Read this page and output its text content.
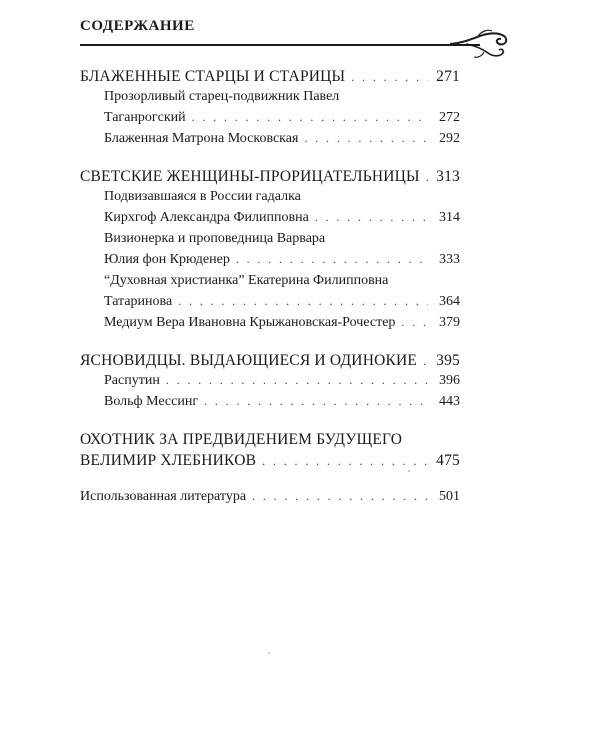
СОДЕРЖАНИЕ
БЛАЖЕННЫЕ СТАРЦЫ И СТАРИЦЫ . . .	271
Прозорливый старец-подвижник Павел
Таганрогский . . .	272
Блаженная Матрона Московская . . .	292
СВЕТСКИЕ ЖЕНЩИНЫ-ПРОРИЦАТЕЛЬНИЦЫ . . . 313
Подвизавшаяся в России гадалка
Кирхгоф Александра Филипповна . . .	314
Визионерка и проповедница Варвара
Юлия фон Крюденер . . .	333
“Духовная христианка” Екатерина Филипповна
Татаринова . . .	364
Медиум Вера Ивановна Крыжановская-Рочестер . . .	379
ЯСНОВИДЦЫ. ВЫДАЮЩИЕСЯ И ОДИНОКИЕ . . . 395
Распутин . . .	396
Вольф Мессинг . . .	443
ОХОТНИК ЗА ПРЕДВИДЕНИЕМ БУДУЩЕГО
ВЕЛИМИР ХЛЕБНИКОВ . . .	475
Использованная литература . . .	501
